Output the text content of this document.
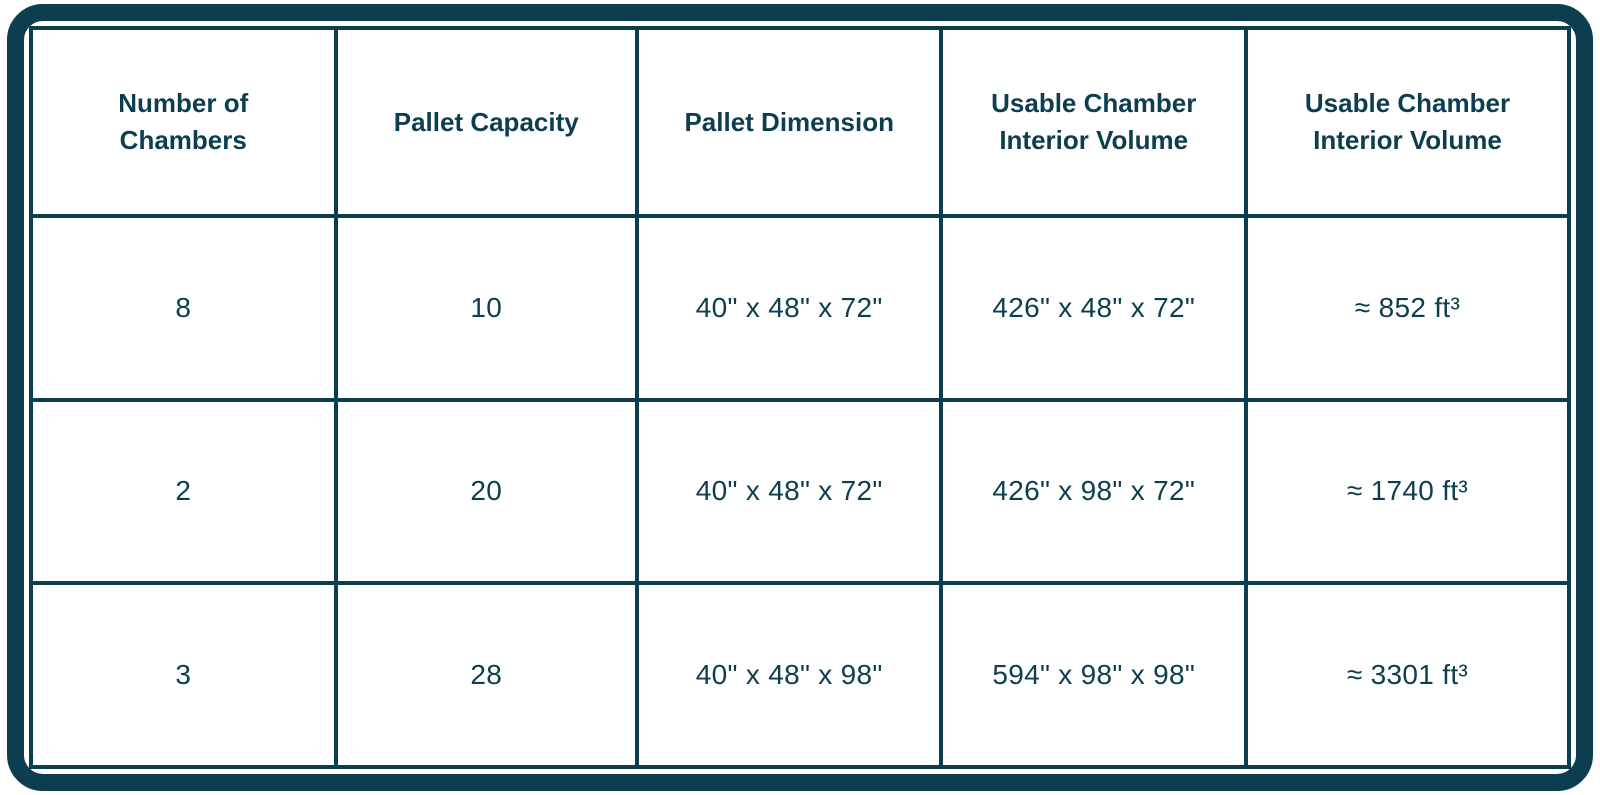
Number of Chambers	Pallet Capacity	Pallet Dimension	Usable Chamber Interior Volume	Usable Chamber Interior Volume
8	10	40" x 48" x 72"	426" x 48" x 72"	≈ 852 ft³
2	20	40" x 48" x 72"	426" x 98" x 72"	≈ 1740 ft³
3	28	40" x 48" x 98"	594" x 98" x 98"	≈ 3301 ft³
